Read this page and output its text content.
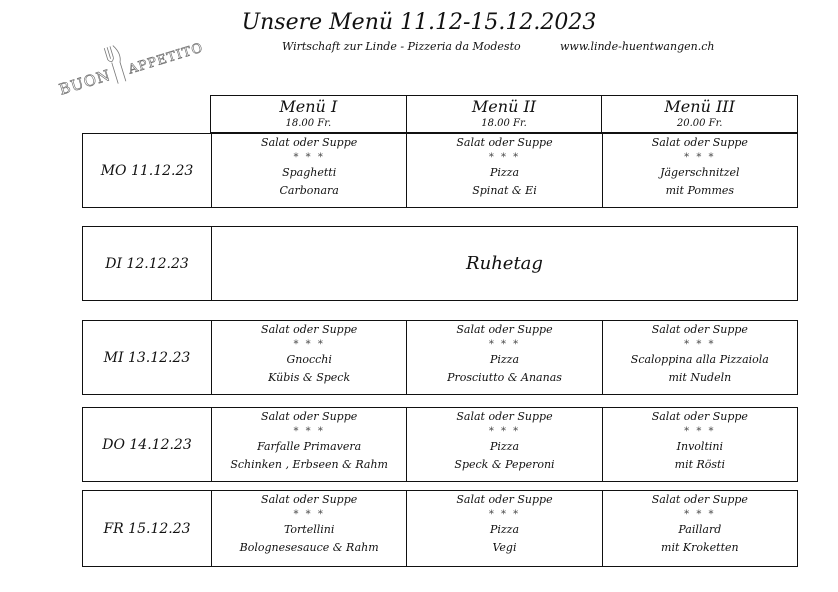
Unsere Menü 11.12-15.12.2023
Wirtschaft zur Linde - Pizzeria da Modesto	www.linde-huentwangen.ch
BUON
APPETITO
Menü I
18.00 Fr.
Menü II
18.00 Fr.
Menü III
20.00 Fr.
MO 11.12.23
Salat oder Suppe
* * *
Spaghetti
Carbonara
Salat oder Suppe
* * *
Pizza
Spinat & Ei
Salat oder Suppe
* * *
Jägerschnitzel
mit Pommes
DI 12.12.23	Ruhetag
MI 13.12.23
Salat oder Suppe
* * *
Gnocchi
Kübis & Speck
Salat oder Suppe
* * *
Pizza
Prosciutto & Ananas
Salat oder Suppe
* * *
Scaloppina alla Pizzaiola
mit Nudeln
DO 14.12.23
Salat oder Suppe
* * *
Farfalle Primavera
Schinken , Erbseen & Rahm
Salat oder Suppe
* * *
Pizza
Speck & Peperoni
Salat oder Suppe
* * *
Involtini
mit Rösti
FR 15.12.23
Salat oder Suppe
* * *
Tortellini
Bolognesesauce & Rahm
Salat oder Suppe
* * *
Pizza
Vegi
Salat oder Suppe
* * *
Paillard
mit Kroketten
